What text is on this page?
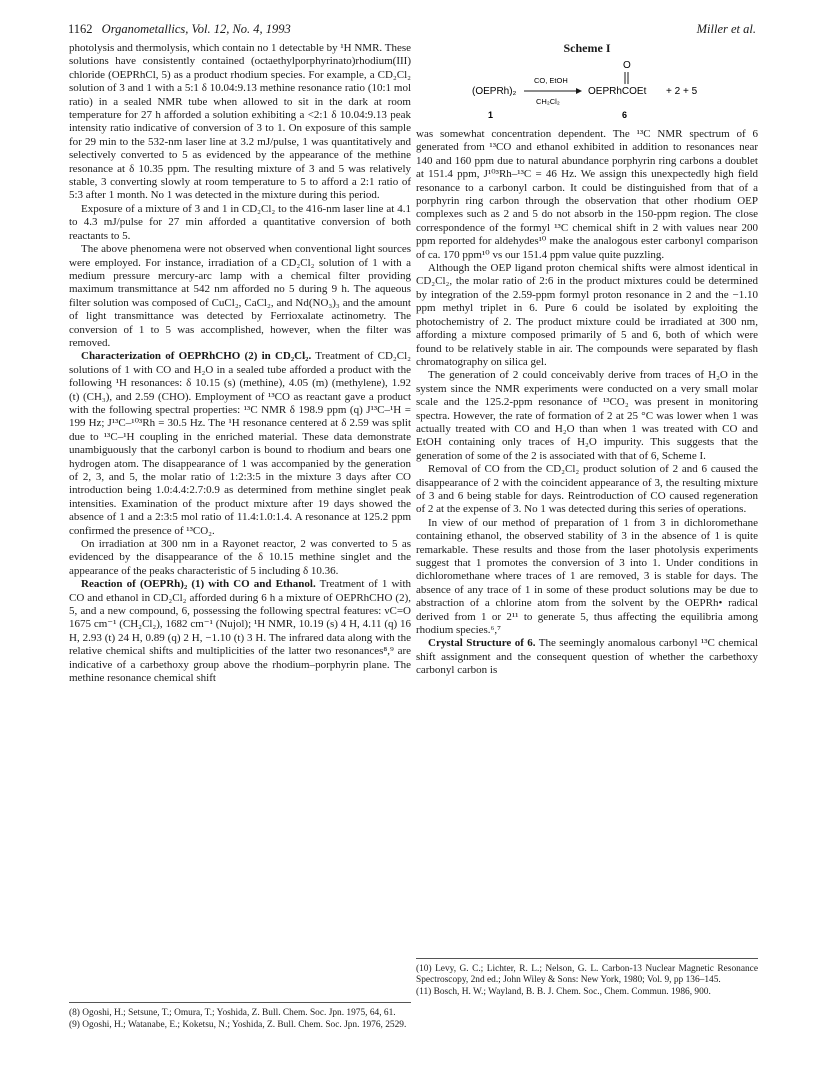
1162 Organometallics, Vol. 12, No. 4, 1993	Miller et al.

photolysis and thermolysis, which contain no 1 detectable by ¹H NMR. These solutions have consistently contained (octaethylporphyrinato)rhodium(III) chloride (OEPRhCl, 5) as a product rhodium species. For example, a CD₂Cl₂ solution of 3 and 1 with a 5:1 δ 10.04:9.13 methine resonance ratio (10:1 mol ratio) in a sealed NMR tube when allowed to sit in the dark at room temperature for 27 h afforded a solution exhibiting a <2:1 δ 10.04:9.13 peak intensity ratio indicative of conversion of 3 to 1. On exposure of this sample for 29 min to the 532-nm laser line at 3.2 mJ/pulse, 1 was quantitatively and selectively converted to 5 as evidenced by the appearance of the methine resonance at δ 10.35 ppm. The resulting mixture of 3 and 5 was relatively stable, 3 converting slowly at room temperature to 5 to afford a 2:1 ratio of 5:3 after 1 month. No 1 was detected in the mixture during this period.

Exposure of a mixture of 3 and 1 in CD₂Cl₂ to the 416-nm laser line at 4.1 to 4.3 mJ/pulse for 27 min afforded a quantitative conversion of both reactants to 5.

The above phenomena were not observed when conventional light sources were employed. For instance, irradiation of a CD₂Cl₂ solution of 1 with a medium pressure mercury-arc lamp with a chemical filter providing maximum transmittance at 542 nm afforded no 5 during 9 h. The aqueous filter solution was composed of CuCl₂, CaCl₂, and Nd(NO₃)₃ and the amount of light transmittance was detected by Ferrioxalate actinometry. The conversion of 1 to 5 was accomplished, however, when the filter was removed.

Characterization of OEPRhCHO (2) in CD₂Cl₂. Treatment of CD₂Cl₂ solutions of 1 with CO and H₂O in a sealed tube afforded a product with the following ¹H resonances: δ 10.15 (s) (methine), 4.05 (m) (methylene), 1.92 (t) (CH₃), and 2.59 (CHO). Employment of ¹³CO as reactant gave a product with the following spectral properties: ¹³C NMR δ 198.9 ppm (q) J¹³C–¹H = 199 Hz; J¹³C–¹⁰³Rh = 30.5 Hz. The ¹H resonance centered at δ 2.59 was split due to ¹³C–¹H coupling in the enriched material. These data demonstrate unambiguously that the carbonyl carbon is bound to rhodium and bears one hydrogen atom. The disappearance of 1 was accompanied by the generation of 2, 3, and 5, the molar ratio of 1:2:3:5 in the mixture 3 days after CO introduction being 1.0:4.4:2.7:0.9 as determined from methine singlet peak intensities. Examination of the product mixture after 19 days showed the absence of 1 and a 2:3:5 mol ratio of 11.4:1.0:1.4. A resonance at 125.2 ppm confirmed the presence of ¹³CO₂.

On irradiation at 300 nm in a Rayonet reactor, 2 was converted to 5 as evidenced by the disappearance of the δ 10.15 methine singlet and the appearance of the peaks characteristic of 5 including δ 10.36.

Reaction of (OEPRh)₂ (1) with CO and Ethanol. Treatment of 1 with CO and ethanol in CD₂Cl₂ afforded during 6 h a mixture of OEPRhCHO (2), 5, and a new compound, 6, possessing the following spectral features: νC=O 1675 cm⁻¹ (CH₂Cl₂), 1682 cm⁻¹ (Nujol); ¹H NMR, 10.19 (s) 4 H, 4.11 (q) 16 H, 2.93 (t) 24 H, 0.89 (q) 2 H, −1.10 (t) 3 H. The infrared data along with the relative chemical shifts and multiplicities of the latter two resonances⁸,⁹ are indicative of a carbethoxy group above the rhodium–porphyrin plane. The methine resonance chemical shift

Scheme I
(OEPRh)₂
CO, EtOH
CH₂Cl₂
O
OEPRhCOEt + 2 + 5
1	6

was somewhat concentration dependent. The ¹³C NMR spectrum of 6 generated from ¹³CO and ethanol exhibited in addition to resonances near 140 and 160 ppm due to natural abundance porphyrin ring carbons a doublet at 151.4 ppm, J¹⁰³Rh–¹³C = 46 Hz. We assign this unexpectedly high field resonance to a carbonyl carbon. It could be distinguished from that of a porphyrin ring carbon through the observation that other rhodium OEP complexes such as 2 and 5 do not absorb in the 150-ppm region. The close correspondence of the formyl ¹³C chemical shift in 2 with values near 200 ppm reported for aldehydes¹⁰ make the analogous ester carbonyl comparison of ca. 170 ppm¹⁰ vs our 151.4 ppm value quite puzzling.

Although the OEP ligand proton chemical shifts were almost identical in CD₂Cl₂, the molar ratio of 2:6 in the product mixtures could be determined by integration of the 2.59-ppm formyl proton resonance in 2 and the −1.10 ppm methyl triplet in 6. Pure 6 could be isolated by exploiting the photochemistry of 2. The product mixture could be irradiated at 300 nm, affording a mixture composed primarily of 5 and 6, both of which were found to be relatively stable in air. The compounds were separated by flash chromatography on silica gel.

The generation of 2 could conceivably derive from traces of H₂O in the system since the NMR experiments were conducted on a very small molar scale and the 125.2-ppm resonance of ¹³CO₂ was present in monitoring spectra. However, the rate of formation of 2 at 25 °C was lower when 1 was actually treated with CO and H₂O than when 1 was treated with CO and EtOH containing only traces of H₂O impurity. This suggests that the generation of some of the 2 is associated with that of 6, Scheme I.

Removal of CO from the CD₂Cl₂ product solution of 2 and 6 caused the disappearance of 2 with the coincident appearance of 3, the resulting mixture of 3 and 6 being stable for days. Reintroduction of CO caused regeneration of 2 at the expense of 3. No 1 was detected during this series of operations.

In view of our method of preparation of 1 from 3 in dichloromethane containing ethanol, the observed stability of 3 in the absence of 1 is quite remarkable. These results and those from the laser photolysis experiments suggest that 1 promotes the conversion of 3 into 1. Under conditions in dichloromethane where traces of 1 are removed, 3 is stable for days. The absence of any trace of 1 in some of these product solutions may be due to abstraction of a chlorine atom from the solvent by the OEPRh• radical derived from 1 or 2¹¹ to generate 5, thus affecting the equilibria among rhodium species.⁶,⁷

Crystal Structure of 6. The seemingly anomalous carbonyl ¹³C chemical shift assignment and the consequent question of whether the carbethoxy carbonyl carbon is

(8) Ogoshi, H.; Setsune, T.; Omura, T.; Yoshida, Z. Bull. Chem. Soc. Jpn. 1975, 64, 61.
(9) Ogoshi, H.; Watanabe, E.; Koketsu, N.; Yoshida, Z. Bull. Chem. Soc. Jpn. 1976, 2529.
(10) Levy, G. C.; Lichter, R. L.; Nelson, G. L. Carbon-13 Nuclear Magnetic Resonance Spectroscopy, 2nd ed.; John Wiley & Sons: New York, 1980; Vol. 9, pp 136–145.
(11) Bosch, H. W.; Wayland, B. B. J. Chem. Soc., Chem. Commun. 1986, 900.
